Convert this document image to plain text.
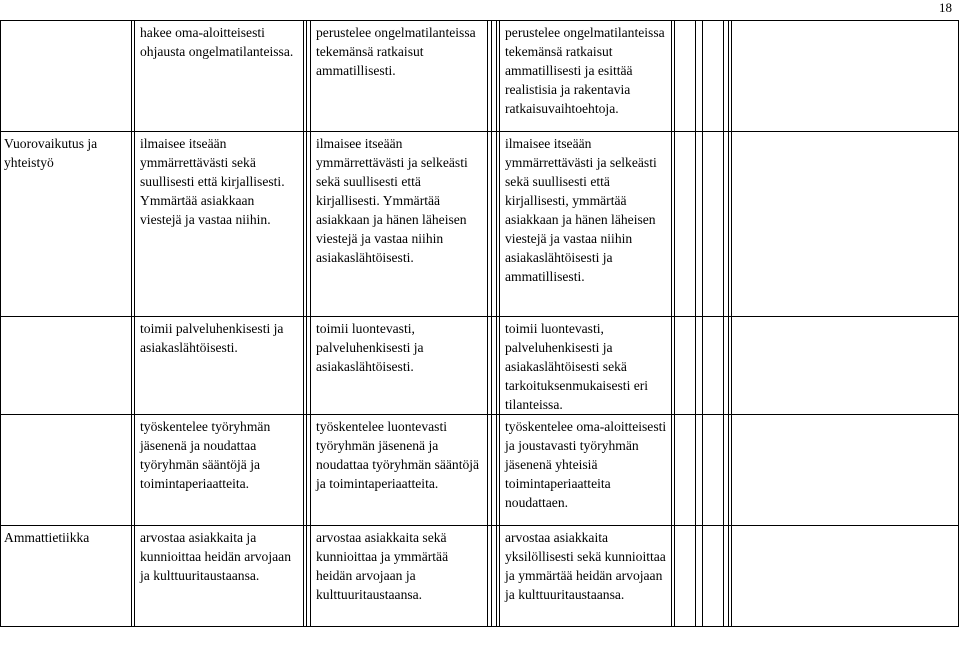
18
		hakee oma-aloitteisesti ohjausta ongelmatilanteissa.			perustelee ongelmatilanteissa tekemänsä ratkaisut ammatillisesti.				perustelee ongelmatilanteissa tekemänsä ratkaisut ammatillisesti ja esittää realistisia ja rakentavia ratkaisuvaihtoehtoja.							
Vuorovaikutus ja yhteistyö		ilmaisee itseään ymmärrettävästi sekä suullisesti että kirjallisesti. Ymmärtää asiakkaan viestejä ja vastaa niihin.			ilmaisee itseään ymmärrettävästi ja selkeästi sekä suullisesti että kirjallisesti. Ymmärtää asiakkaan ja hänen läheisen viestejä ja vastaa niihin asiakaslähtöisesti.				ilmaisee itseään ymmärrettävästi ja selkeästi sekä suullisesti että kirjallisesti, ymmärtää asiakkaan ja hänen läheisen viestejä ja vastaa niihin asiakaslähtöisesti ja ammatillisesti.							
		toimii palveluhenkisesti ja asiakaslähtöisesti.			toimii luontevasti, palveluhenkisesti ja asiakaslähtöisesti.				toimii luontevasti, palveluhenkisesti ja asiakaslähtöisesti sekä tarkoituksenmukaisesti eri tilanteissa.							
		työskentelee työryhmän jäsenenä ja noudattaa työryhmän sääntöjä ja toimintaperiaatteita.			työskentelee luontevasti työryhmän jäsenenä ja noudattaa työryhmän sääntöjä ja toimintaperiaatteita.				työskentelee oma-aloitteisesti ja joustavasti työryhmän jäsenenä yhteisiä toimintaperiaatteita noudattaen.							
Ammattietiikka		arvostaa asiakkaita ja kunnioittaa heidän arvojaan ja kulttuuritaustaansa.			arvostaa asiakkaita sekä kunnioittaa ja ymmärtää heidän arvojaan ja kulttuuritaustaansa.				arvostaa asiakkaita yksilöllisesti sekä kunnioittaa ja ymmärtää heidän arvojaan ja kulttuuritaustaansa.							
